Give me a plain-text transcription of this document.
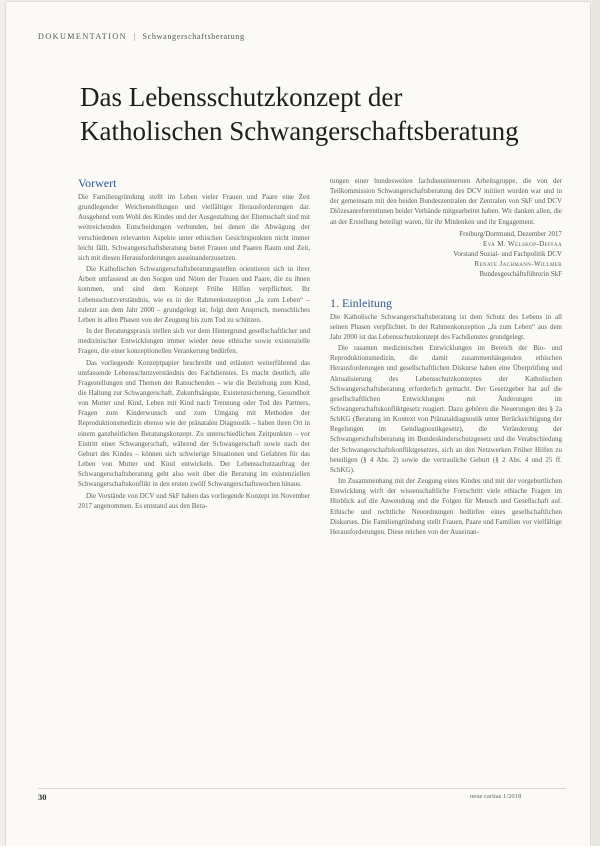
DOKUMENTATION | Schwangerschaftsberatung
Das Lebensschutzkonzept der
Katholischen Schwangerschaftsberatung
Vorwert

Die Familiengründung stellt im Leben vieler Frauen und Paare eine Zeit grundlegender Weichenstellungen und vielfältiger Herausforderungen dar. Ausgehend vom Wohl des Kindes und der Ausgestaltung der Elternschaft sind mit weitreichenden Entscheidungen verbunden, bei denen die Abwägung der verschiedenen relevanten Aspekte unter ethischen Gesichtspunkten nicht immer leicht fällt. Schwangerschaftsberatung bietet Frauen und Paaren Raum und Zeit, sich mit diesen Herausforderungen auseinanderzusetzen.

Die Katholischen Schwangerschaftsberatungsstellen orientieren sich in ihrer Arbeit umfassend an den Sorgen und Nöten der Frauen und Paare, die zu ihnen kommen, und sind dem Konzept Frühe Hilfen verpflichtet. Ihr Lebensschutzverständnis, wie es in der Rahmenkonzeption „Ja zum Leben“ – zuletzt aus dem Jahr 2000 – grundgelegt ist, folgt dem Anspruch, menschliches Leben in allen Phasen von der Zeugung bis zum Tod zu schützen.

In der Beratungspraxis stellen sich vor dem Hintergrund gesellschaftlicher und medizinischer Entwicklungen immer wieder neue ethische sowie existenzielle Fragen, die einer konzeptionellen Verankerung bedürfen.

Das vorliegende Konzeptpapier beschreibt und erläutert weiterführend das umfassende Lebensschutzverständnis des Fachdienstes. Es macht deutlich, alle Fragestellungen und Themen der Ratsuchenden – wie die Beziehung zum Kind, die Haltung zur Schwangerschaft, Zukunftsängste, Existenzsicherung, Gesundheit von Mutter und Kind, Leben mit Kind nach Trennung oder Tod des Partners, Fragen zum Kinderwunsch und zum Umgang mit Methoden der Reproduktionsmedizin ebenso wie der pränatalen Diagnostik – haben ihren Ort in einem ganzheitlichen Beratungskonzept. Zu unterschiedlichen Zeitpunkten – vor Eintritt einer Schwangerschaft, während der Schwangerschaft sowie nach der Geburt des Kindes – können sich schwierige Situationen und Gefahren für das Leben von Mutter und Kind entwickeln. Der Lebensschutzauftrag der Schwangerschaftsberatung geht also weit über die Beratung im existenziellen Schwangerschaftskonflikt in den ersten zwölf Schwangerschaftswochen hinaus.

Die Vorstände von DCV und SkF haben das vorliegende Konzept im November 2017 angenommen. Es entstand aus den Bera-

tungen einer bundesweiten fachdienstinternen Arbeitsgruppe, die von der Teilkommission Schwangerschaftsberatung des DCV initiiert wurden war und in der gemeinsam mit den beiden Bundeszentralen der Zentralen von SkF und DCV Diözesanreferentinnen beider Verbände mitgearbeitet haben. Wir danken allen, die an der Erstellung beteiligt waren, für ihr Mitdenken und ihr Engagement.

Freiburg/Dortmund, Dezember 2017
Eva M. Welskop-Deffaa
Vorstand Sozial- und Fachpolitik DCV
Renate Jachmann-Willmer
Bundesgeschäftsführerin SkF
1. Einleitung

Die Katholische Schwangerschaftsberatung ist dem Schutz des Lebens in all seinen Phasen verpflichtet. In der Rahmenkonzeption „Ja zum Leben“ aus dem Jahr 2000 ist das Lebensschutzkonzept des Fachdienstes grundgelegt.

Die rasanten medizinischen Entwicklungen im Bereich der Bio- und Reproduktionsmedizin, die damit zusammenhängenden ethischen Herausforderungen und gesellschaftlichen Diskurse haben eine Überprüfung und Aktualisierung des Lebensschutzkonzeptes der Katholischen Schwangerschaftsberatung erforderlich gemacht. Der Gesetzgeber hat auf die gesellschaftlichen Entwicklungen mit Änderungen im Schwangerschaftskonfliktgesetz reagiert. Dazu gehören die Neuerungen des § 2a SchKG (Beratung im Kontext von Pränataldiagnostik unter Berücksichtigung der Regelungen im Gendiagnostikgesetz), die Veränderung der Schwangerschaftsberatung im Bundeskinderschutzgesetz und die Verabschiedung der Schwangerschaftskonfliktgesetzes, sich an den Netzwerken Früher Hilfen zu beteiligen (§ 4 Abs. 2) sowie die vertrauliche Geburt (§ 2 Abs. 4 und 25 ff. SchKG).

Im Zusammenhang mit der Zeugung eines Kindes und mit der vorgeburtlichen Entwicklung wirft der wissenschaftliche Fortschritt viele ethische Fragen im Hinblick auf die Anwendung und die Folgen für Mensch und Gesellschaft auf. Ethische und rechtliche Neuordnungen bedürfen eines gesellschaftlichen Diskurses. Die Familiengründung stellt Frauen, Paare und Familien vor vielfältige Herausforderungen. Diese reichen von der Auseinan-

30	neue caritas 1/2018
